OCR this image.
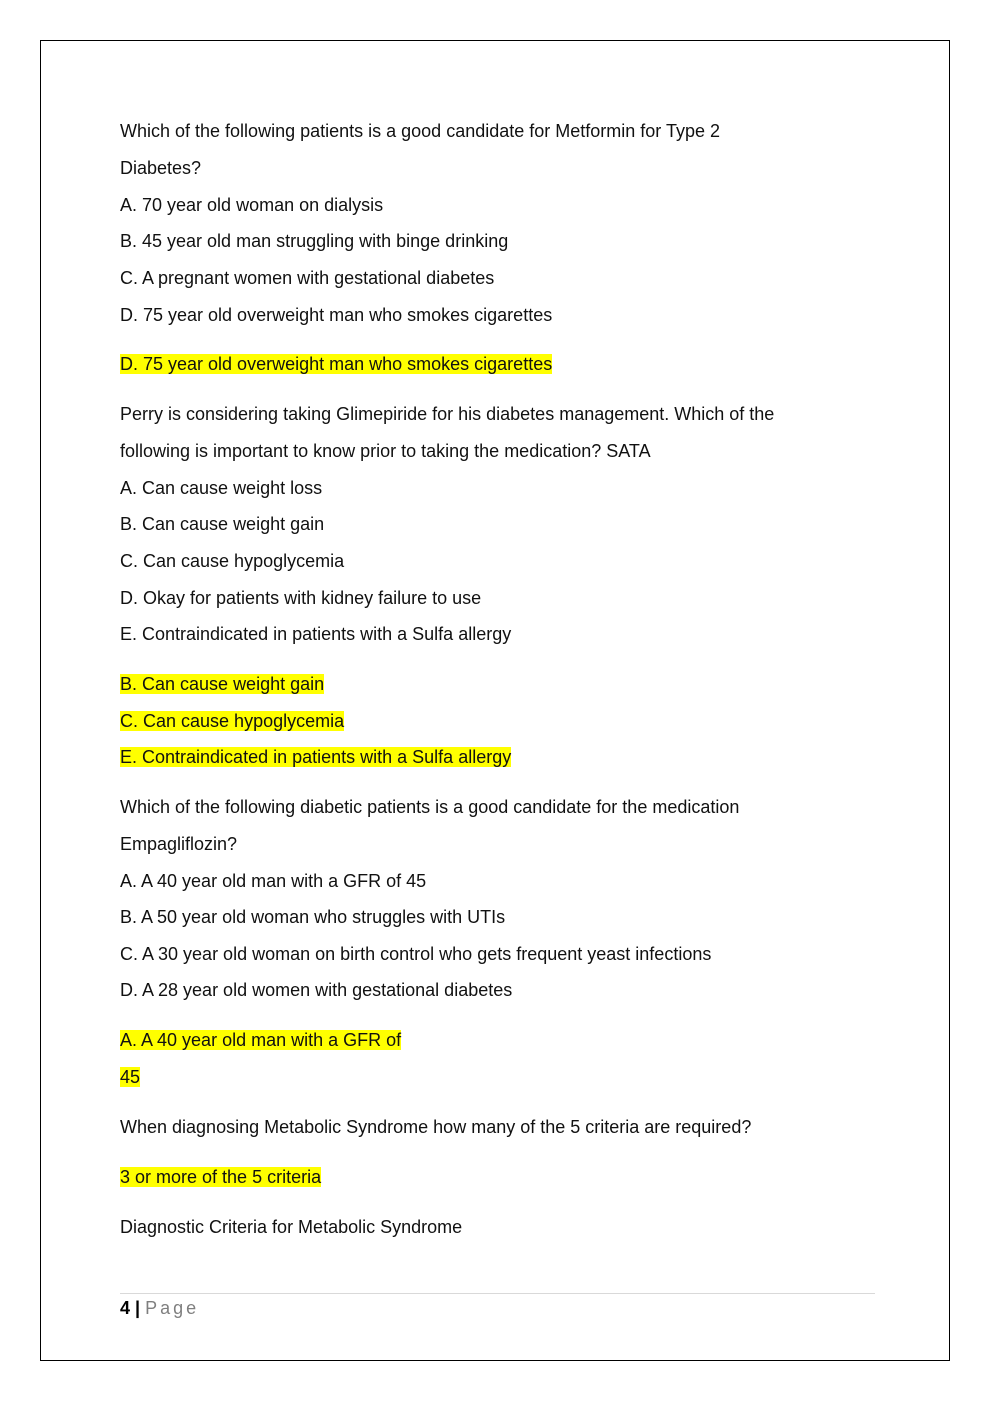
Which of the following patients is a good candidate for Metformin for Type 2
Diabetes?
A. 70 year old woman on dialysis
B. 45 year old man struggling with binge drinking
C. A pregnant women with gestational diabetes
D. 75 year old overweight man who smokes cigarettes
D. 75 year old overweight man who smokes cigarettes
Perry is considering taking Glimepiride for his diabetes management. Which of the
following is important to know prior to taking the medication? SATA
A. Can cause weight loss
B. Can cause weight gain
C. Can cause hypoglycemia
D. Okay for patients with kidney failure to use
E. Contraindicated in patients with a Sulfa allergy
B. Can cause weight gain
C. Can cause hypoglycemia
E. Contraindicated in patients with a Sulfa allergy
Which of the following diabetic patients is a good candidate for the medication
Empagliflozin?
A. A 40 year old man with a GFR of 45
B. A 50 year old woman who struggles with UTIs
C. A 30 year old woman on birth control who gets frequent yeast infections
D. A 28 year old women with gestational diabetes
A. A 40 year old man with a GFR of
45
When diagnosing Metabolic Syndrome how many of the 5 criteria are required?
3 or more of the 5 criteria
Diagnostic Criteria for Metabolic Syndrome
4 | Page
